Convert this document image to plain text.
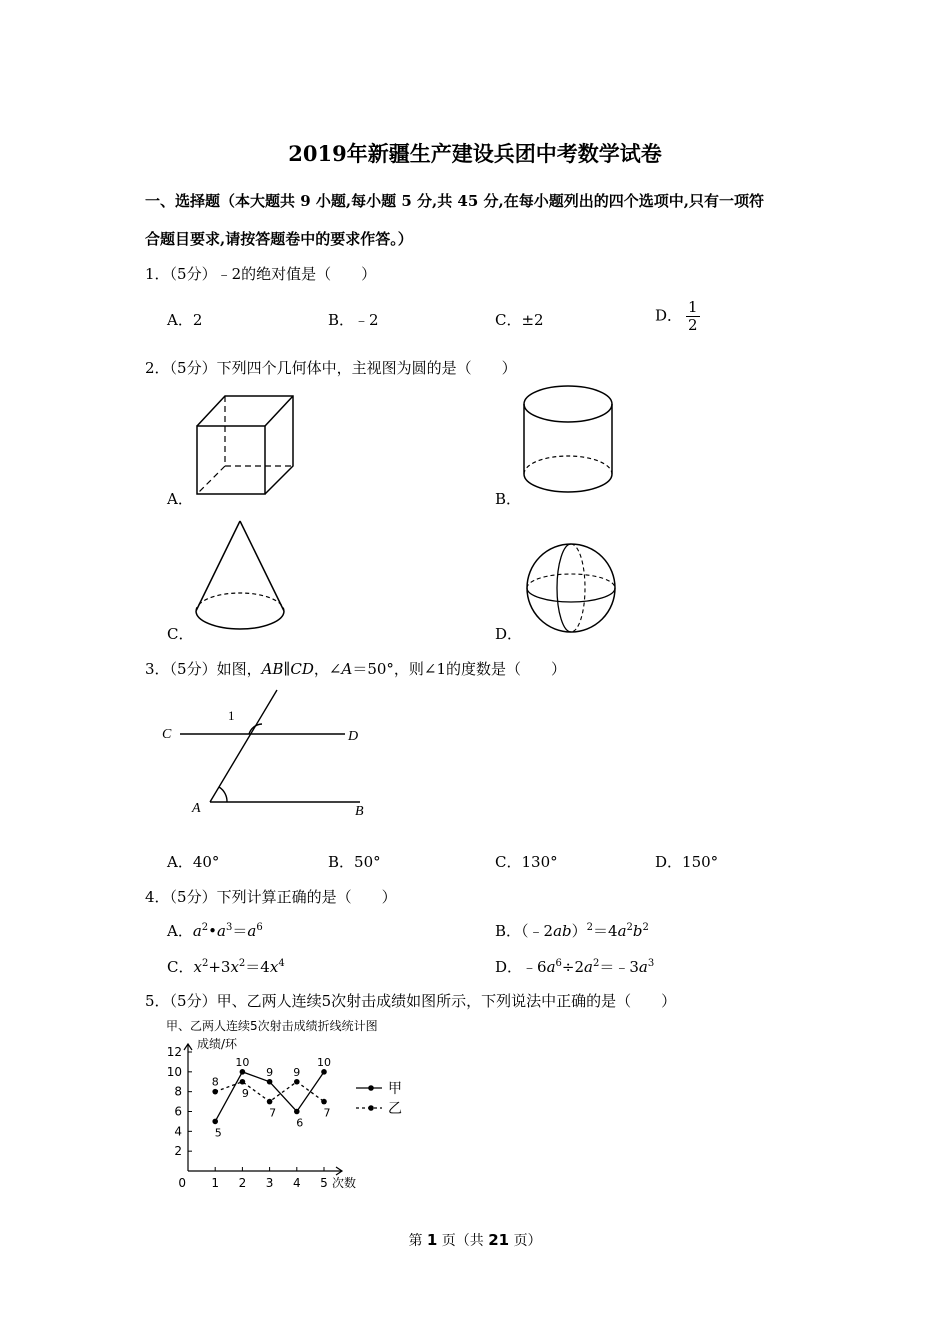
2019年新疆生产建设兵团中考数学试卷
一、选择题（本大题共 9 小题,每小题 5 分,共 45 分,在每小题列出的四个选项中,只有一项符
合题目要求,请按答题卷中的要求作答。）
1．（5分）﹣2的绝对值是（　　）
A．2	B．﹣2	C．±2	D． $\frac{1}{2}$
2．（5分）下列四个几何体中，主视图为圆的是（　　）
A．	B．
C．	D．
3．（5分）如图，AB∥CD，∠A＝50°，则∠1的度数是（　　）
C	D
A	B
1
A．40°	B．50°	C．130°	D．150°
4．（5分）下列计算正确的是（　　）
A．$a^2•a^3=a^6$	B．$(﹣2ab)^2=4a^2b^2$
C．$x^2+3x^2=4x^4$	D．$﹣6a^6\div 2a^2=﹣3a^3$
5．（5分）甲、乙两人连续5次射击成绩如图所示，下列说法中正确的是（　　）
甲、乙两人连续5次射击成绩折线统计图
成绩/环
次数
0
2
4
6
8
10
12
1 2 3 4 5
5
10
9
6
10
8
9
7
9
7
甲
乙
第 1 页（共 21 页）
